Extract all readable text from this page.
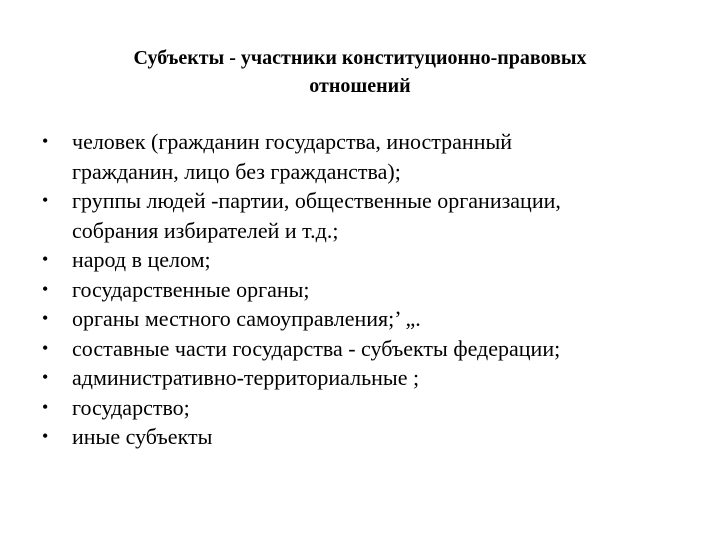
Субъекты - участники конституционно-правовых
отношений
• человек (гражданин государства, иностранный
гражданин, лицо без гражданства);
• группы людей -партии, общественные организации,
собрания избирателей и т.д.;
• народ в целом;
• государственные органы;
• органы местного самоуправления;’ „.
• составные части государства - субъекты федерации;
• административно-территориальные ;
• государство;
• иные субъекты
